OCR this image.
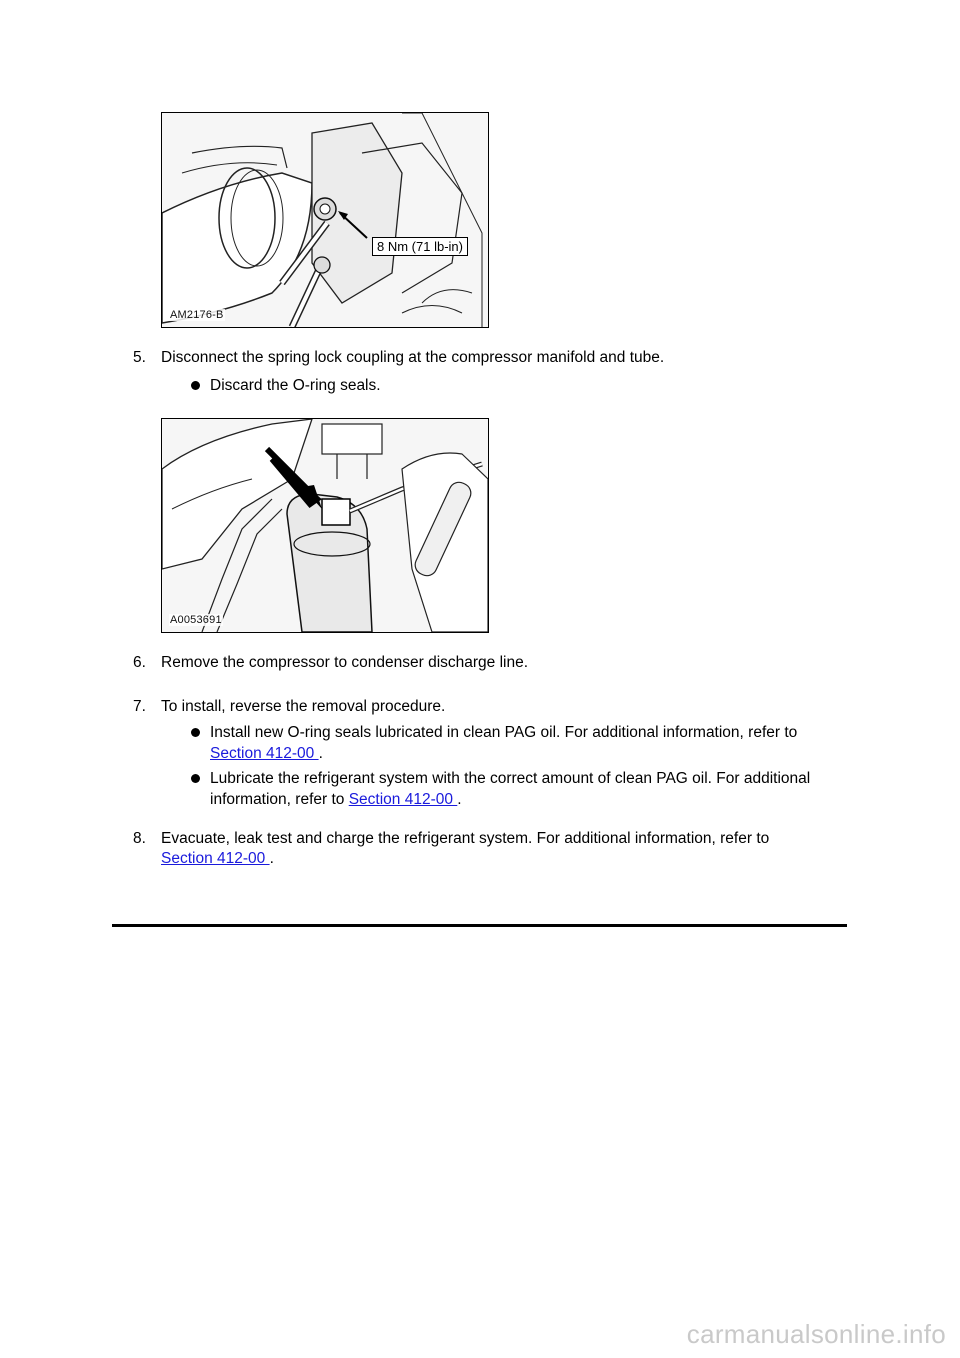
8 Nm (71 lb-in)
AM2176-B
5. Disconnect the spring lock coupling at the compressor manifold and tube.
Discard the O-ring seals.
A0053691
6. Remove the compressor to condenser discharge line.
7. To install, reverse the removal procedure.
Install new O-ring seals lubricated in clean PAG oil. For additional information, refer to
Section 412-00 .
Lubricate the refrigerant system with the correct amount of clean PAG oil. For additional information, refer to Section 412-00 .
8. Evacuate, leak test and charge the refrigerant system. For additional information, refer to
Section 412-00 .
carmanualsonline.info
